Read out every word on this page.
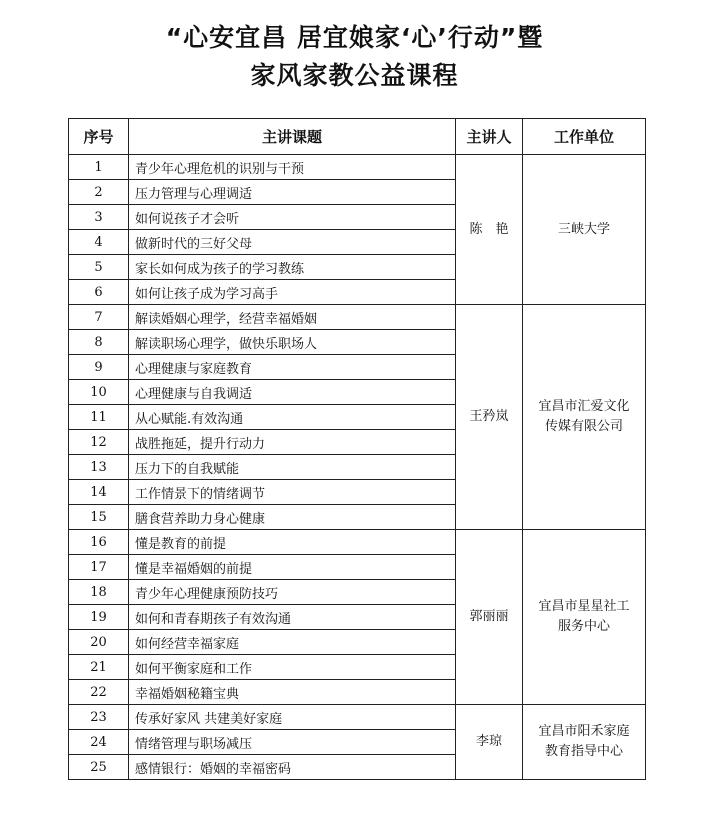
“心安宜昌 居宜娘家‘心’行动”暨
家风家教公益课程
序号	主讲课题	主讲人	工作单位
1	青少年心理危机的识别与干预	陈　艳	三峡大学

2	压力管理与心理调适		
3	如何说孩子才会听		
4	做新时代的三好父母		
5	家长如何成为孩子的学习教练		
6	如何让孩子成为学习高手		
7	解读婚姻心理学，经营幸福婚姻	王矜岚	宜昌市汇爱文化
传媒有限公司

8	解读职场心理学，做快乐职场人		
9	心理健康与家庭教育		
10	心理健康与自我调适		
11	从心赋能.有效沟通		
12	战胜拖延，提升行动力		
13	压力下的自我赋能		
14	工作情景下的情绪调节		
15	膳食营养助力身心健康		
16	懂是教育的前提	郭丽丽	宜昌市星星社工
服务中心

17	懂是幸福婚姻的前提		
18	青少年心理健康预防技巧		
19	如何和青春期孩子有效沟通		
20	如何经营幸福家庭		
21	如何平衡家庭和工作		
22	幸福婚姻秘籍宝典		
23	传承好家风 共建美好家庭	李琼	宜昌市阳禾家庭
教育指导中心

24	情绪管理与职场减压		
25	感情银行：婚姻的幸福密码		
